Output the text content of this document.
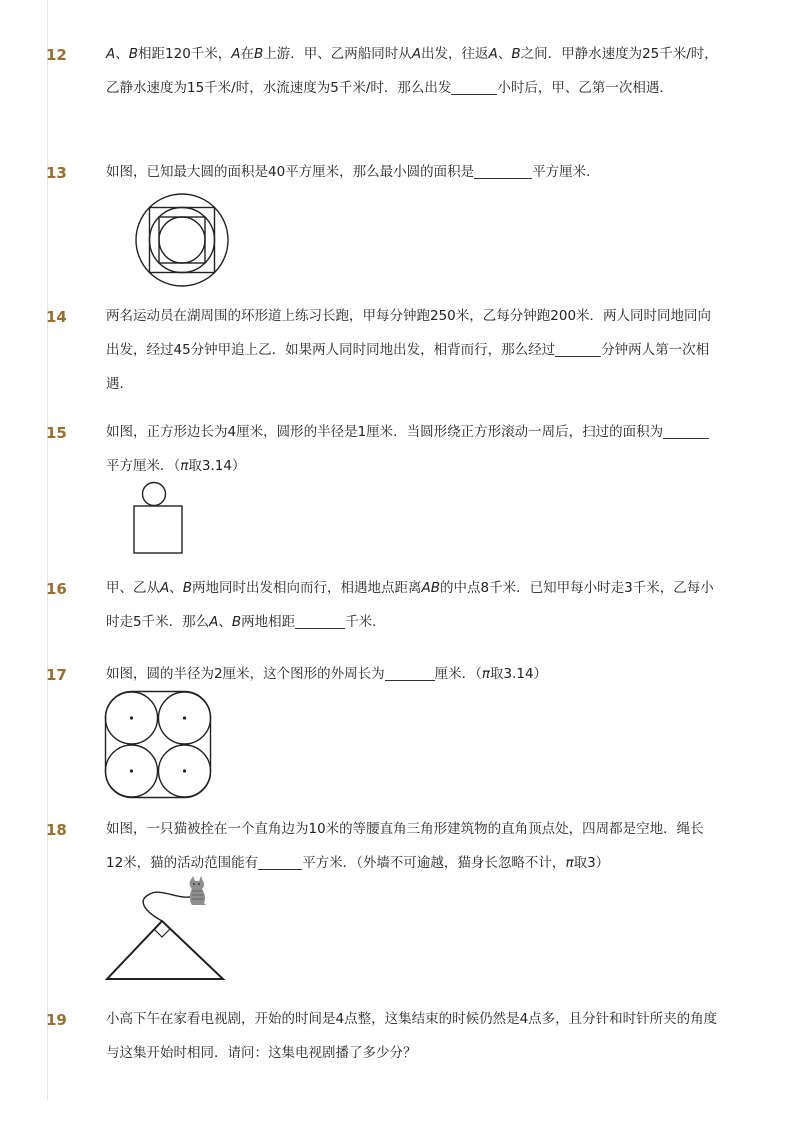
12	A、B相距120千米，A在B上游．甲、乙两船同时从A出发，往返A、B之间．甲静水速度为25千米/时，乙静水速度为15千米/时，水流速度为5千米/时．那么出发	小时后，甲、乙第一次相遇．

13	如图，已知最大圆的面积是40平方厘米，那么最小圆的面积是	平方厘米．

14	两名运动员在湖周围的环形道上练习长跑，甲每分钟跑250米，乙每分钟跑200米．两人同时同地同向出发，经过45分钟甲追上乙．如果两人同时同地出发，相背而行，那么经过	分钟两人第一次相遇．

15	如图，正方形边长为4厘米，圆形的半径是1厘米．当圆形绕正方形滚动一周后，扫过的面积为平方厘米．（π取3.14）

16	甲、乙从A、B两地同时出发相向而行，相遇地点距离AB的中点8千米．已知甲每小时走3千米，乙每小时走5千米．那么A、B两地相距	千米．

17	如图，圆的半径为2厘米，这个图形的外周长为	厘米．（π取3.14）

18	如图，一只猫被拴在一个直角边为10米的等腰直角三角形建筑物的直角顶点处，四周都是空地．绳长12米，猫的活动范围能有	平方米．（外墙不可逾越，猫身长忽略不计，π取3）

19	小高下午在家看电视剧，开始的时间是4点整，这集结束的时候仍然是4点多，且分针和时针所夹的角度与这集开始时相同．请问：这集电视剧播了多少分？
